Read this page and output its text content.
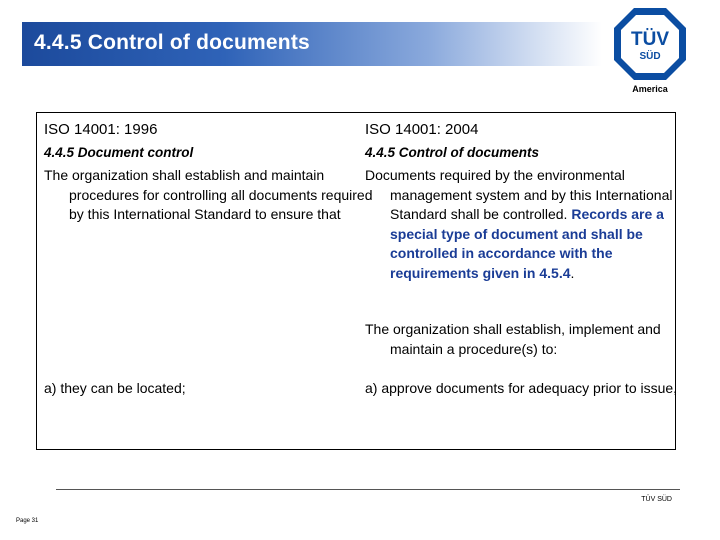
4.4.5 Control of documents	TÜV
SÜD
America
ISO 14001: 1996
4.4.5 Document control
The organization shall establish and maintain procedures for controlling all documents required by this International Standard to ensure that
a) they can be located;
ISO 14001: 2004
4.4.5 Control of documents
Documents required by the environmental management system and by this International Standard shall be controlled. Records are a special type of document and shall be controlled in accordance with the requirements given in 4.5.4.
The organization shall establish, implement and maintain a procedure(s) to:
a) approve documents for adequacy prior to issue,
TÜV SÜD
Page 31
